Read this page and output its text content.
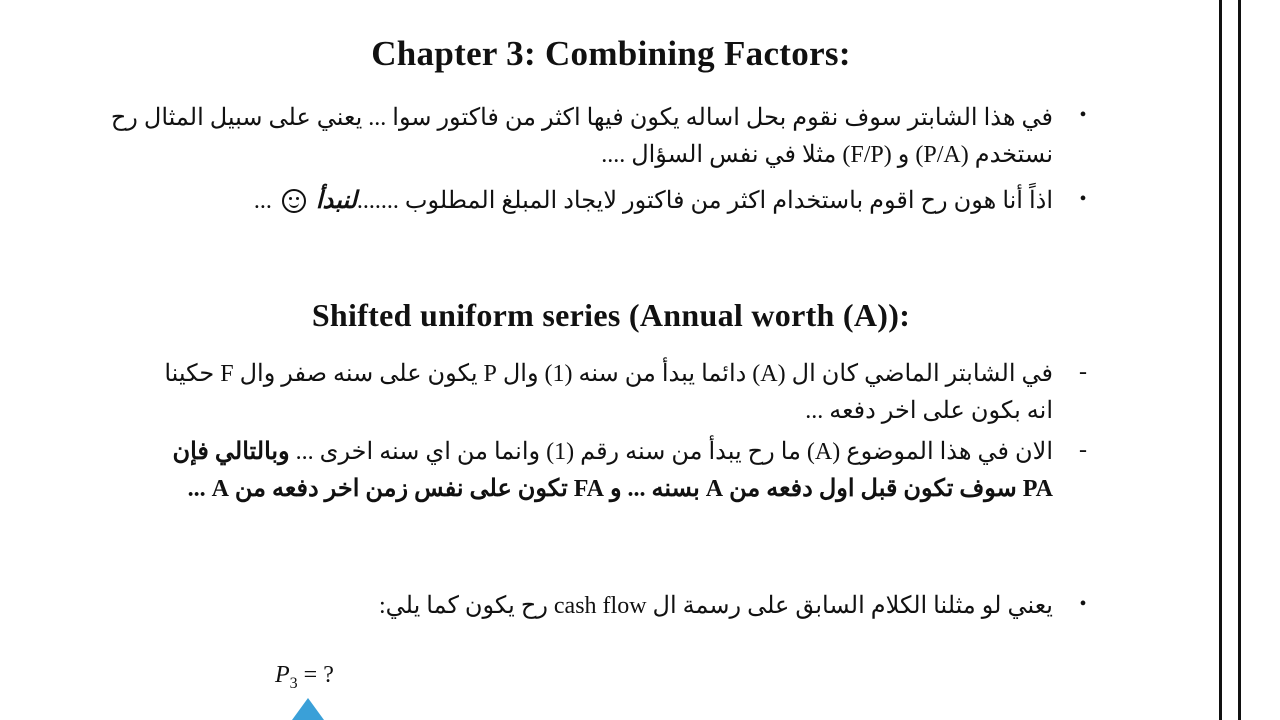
Chapter 3: Combining Factors:
•
في هذا الشابتر سوف نقوم بحل اساله يكون فيها اكثر من فاكتور سوا ... يعني على سبيل المثال رح
نستخدم (P/A) و (F/P) مثلا في نفس السؤال ....
•
اذاً أنا هون رح اقوم باستخدام اكثر من فاكتور لايجاد المبلغ المطلوب .......لنبدأ  ...
Shifted uniform series (Annual worth (A)):
-
في الشابتر الماضي كان ال (A) دائما يبدأ من سنه (1) وال P يكون على سنه صفر وال F حكينا
انه بكون على اخر دفعه ...
-
الان في هذا الموضوع (A) ما رح يبدأ من سنه رقم (1) وانما من اي سنه اخرى ... وبالتالي فإن
PA سوف تكون قبل اول دفعه من A بسنه ... و FA تكون على نفس زمن اخر دفعه من A ...
•
يعني لو مثلنا الكلام السابق على رسمة ال cash flow رح يكون كما يلي:
$P_3$ = ?
